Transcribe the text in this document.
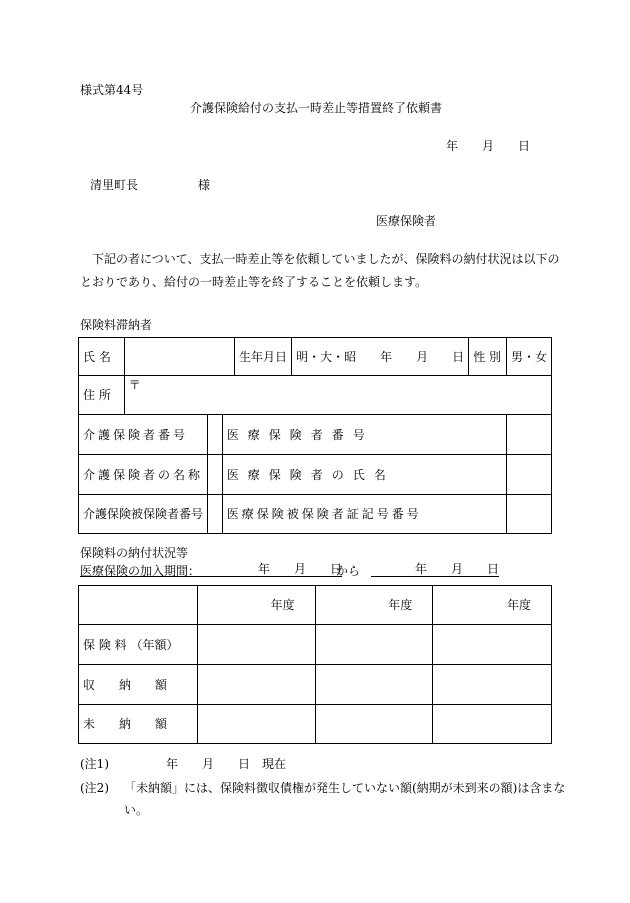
様式第44号
介護保険給付の支払一時差止等措置終了依頼書
年　　月　　日
清里町長　　　　　様
医療保険者
下記の者について、支払一時差止等を依頼していましたが、保険料の納付状況は以下の
とおりであり、給付の一時差止等を終了することを依頼します。
保険料滞納者
氏 名				生年月日	明・大・昭　　年　　月　　日	性 別	男・女
住 所	〒						
介護保険者番号			医療保険者番号				
介護保険者の名称			医療保険者の氏名				
介護保険被保険者番号			医療保険被保険者証記号番号				
保険料の納付状況等
医療保険の加入期間：	年　　月　　日
から	年　　月　　日
	年度	年度	年度
保 険 料 （年額）			
収　　納　　額			
未　　納　　額			
(注1)	年　　月　　日　現在
(注2) 「未納額」には、保険料徴収債権が発生していない額(納期が未到来の額)は含まな
い。
